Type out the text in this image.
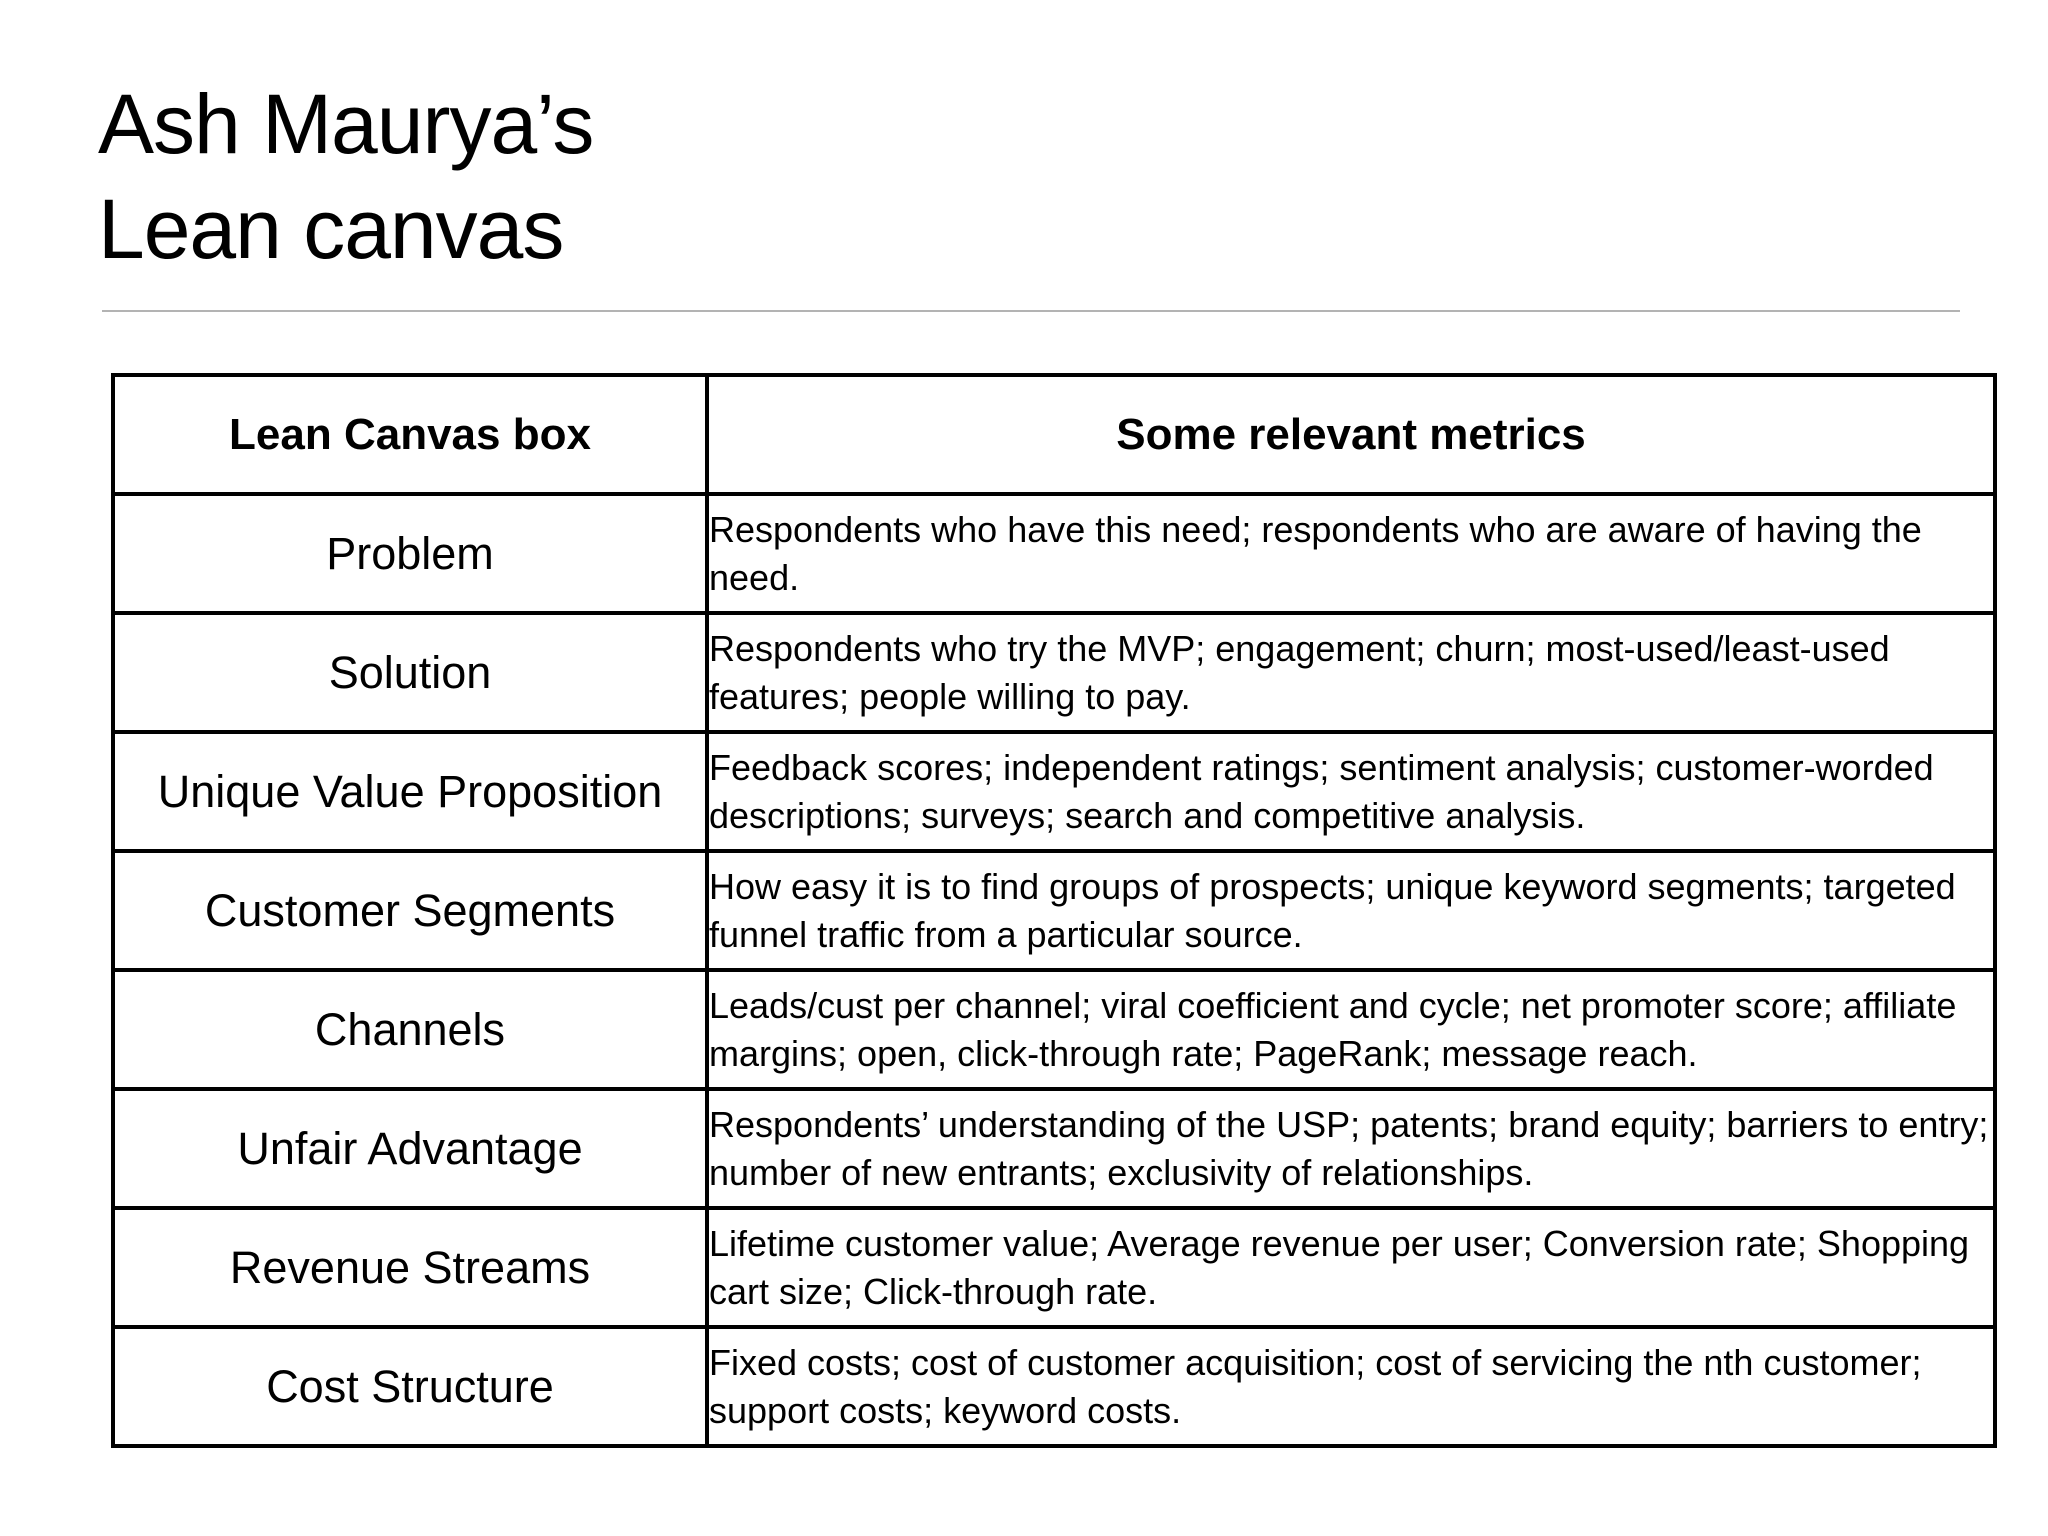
Ash Maurya’s
Lean canvas
Lean Canvas box	Some relevant metrics
Problem	Respondents who have this need; respondents who are aware of having the need.
Solution	Respondents who try the MVP; engagement; churn; most-used/least-used features; people willing to pay.
Unique Value Proposition	Feedback scores; independent ratings; sentiment analysis; customer-worded descriptions; surveys; search and competitive analysis.
Customer Segments	How easy it is to find groups of prospects; unique keyword segments; targeted funnel traffic from a particular source.
Channels	Leads/cust per channel; viral coefficient and cycle; net promoter score; affiliate margins; open, click-through rate; PageRank; message reach.
Unfair Advantage	Respondents’ understanding of the USP; patents; brand equity; barriers to entry; number of new entrants; exclusivity of relationships.
Revenue Streams	Lifetime customer value; Average revenue per user; Conversion rate; Shopping cart size; Click-through rate.
Cost Structure	Fixed costs; cost of customer acquisition; cost of servicing the nth customer; support costs; keyword costs.
